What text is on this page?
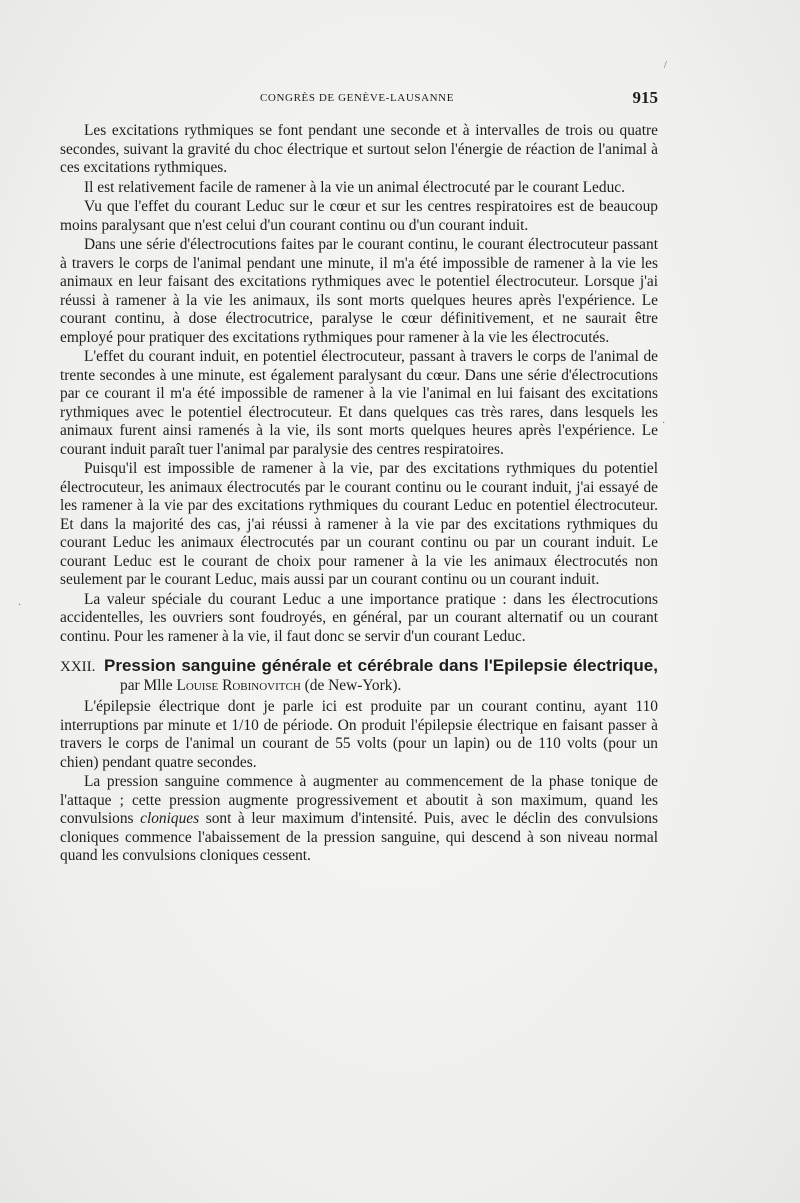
CONGRÈS DE GENÈVE-LAUSANNE	915

Les excitations rythmiques se font pendant une seconde et à intervalles de trois ou quatre secondes, suivant la gravité du choc électrique et surtout selon l'énergie de réaction de l'animal à ces excitations rythmiques.

Il est relativement facile de ramener à la vie un animal électrocuté par le courant Leduc.

Vu que l'effet du courant Leduc sur le cœur et sur les centres respiratoires est de beaucoup moins paralysant que n'est celui d'un courant continu ou d'un courant induit.

Dans une série d'électrocutions faites par le courant continu, le courant électrocuteur passant à travers le corps de l'animal pendant une minute, il m'a été impossible de ramener à la vie les animaux en leur faisant des excitations rythmiques avec le potentiel électrocuteur. Lorsque j'ai réussi à ramener à la vie les animaux, ils sont morts quelques heures après l'expérience. Le courant continu, à dose électrocutrice, paralyse le cœur définitivement, et ne saurait être employé pour pratiquer des excitations rythmiques pour ramener à la vie les électrocutés.

L'effet du courant induit, en potentiel électrocuteur, passant à travers le corps de l'animal de trente secondes à une minute, est également paralysant du cœur. Dans une série d'électrocutions par ce courant il m'a été impossible de ramener à la vie l'animal en lui faisant des excitations rythmiques avec le potentiel électrocuteur. Et dans quelques cas très rares, dans lesquels les animaux furent ainsi ramenés à la vie, ils sont morts quelques heures après l'expérience. Le courant induit paraît tuer l'animal par paralysie des centres respiratoires.

Puisqu'il est impossible de ramener à la vie, par des excitations rythmiques du potentiel électrocuteur, les animaux électrocutés par le courant continu ou le courant induit, j'ai essayé de les ramener à la vie par des excitations rythmiques du courant Leduc en potentiel électrocuteur. Et dans la majorité des cas, j'ai réussi à ramener à la vie par des excitations rythmiques du courant Leduc les animaux électrocutés par un courant continu ou par un courant induit. Le courant Leduc est le courant de choix pour ramener à la vie les animaux électrocutés non seulement par le courant Leduc, mais aussi par un courant continu ou un courant induit.

La valeur spéciale du courant Leduc a une importance pratique : dans les électrocutions accidentelles, les ouvriers sont foudroyés, en général, par un courant alternatif ou un courant continu. Pour les ramener à la vie, il faut donc se servir d'un courant Leduc.

XXII. Pression sanguine générale et cérébrale dans l'Epilepsie électrique, par Mlle Louise Robinovitch (de New-York).

L'épilepsie électrique dont je parle ici est produite par un courant continu, ayant 110 interruptions par minute et 1/10 de période. On produit l'épilepsie électrique en faisant passer à travers le corps de l'animal un courant de 55 volts (pour un lapin) ou de 110 volts (pour un chien) pendant quatre secondes.

La pression sanguine commence à augmenter au commencement de la phase tonique de l'attaque ; cette pression augmente progressivement et aboutit à son maximum, quand les convulsions cloniques sont à leur maximum d'intensité. Puis, avec le déclin des convulsions cloniques commence l'abaissement de la pression sanguine, qui descend à son niveau normal quand les convulsions cloniques cessent.

/
·
·
